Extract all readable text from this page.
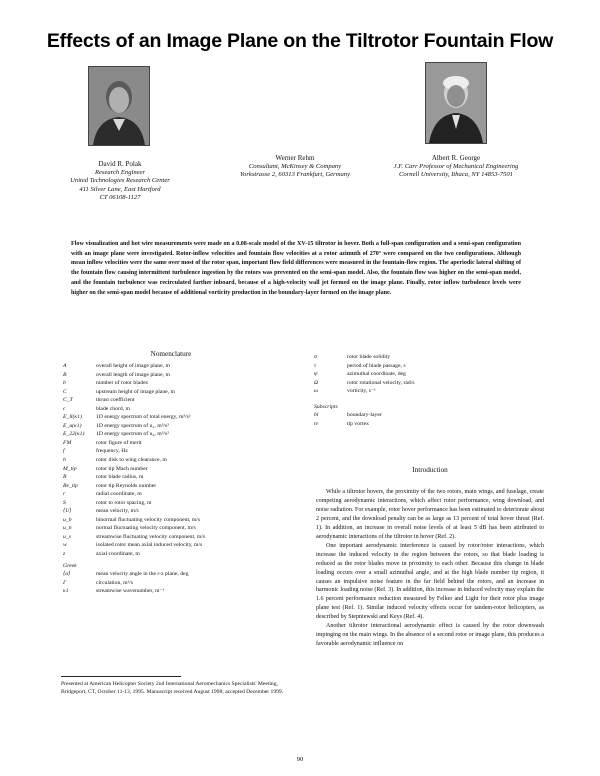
Effects of an Image Plane on the Tiltrotor Fountain Flow
David R. Polak
Research Engineer
United Technologies Research Center
411 Silver Lane, East Hartford
CT 06108-1127
Werner Rehm
Consultant, McKinsey & Company
Yorkstrasse 2, 60313 Frankfurt, Germany
Albert R. George
J.F. Carr Professor of Mechanical Engineering
Cornell University, Ithaca, NY 14853-7501

Flow visualization and hot wire measurements were made on a 0.08-scale model of the XV-15 tiltrotor in hover. Both a full-span configuration and a semi-span configuration with an image plane were investigated. Rotor-inflow velocities and fountain flow velocities at a rotor azimuth of 270° were compared on the two configurations. Although mean inflow velocities were the same over most of the rotor span, important flow field differences were measured in the fountain-flow region. The aperiodic lateral shifting of the fountain flow causing intermittent turbulence ingestion by the rotors was prevented on the semi-span model. Also, the fountain flow was higher on the semi-span model, and the fountain turbulence was recirculated farther inboard, because of a high-velocity wall jet formed on the image plane. Finally, rotor inflow turbulence levels were higher on the semi-span model because of additional vorticity production in the boundary-layer formed on the image plane.

Nomenclature
A	overall height of image plane, m
B	overall length of image plane, m
b	number of rotor blades
C	upstream height of image plane, m
C_T	thrust coefficient
c	blade chord, m
E_ll(κ1)	1D energy spectrum of total energy, m³/s²
E_u(κ1)	1D energy spectrum of u₁, m³/s²
E_22(κ1)	1D energy spectrum of u₂, m³/s²
FM	rotor figure of merit
f	frequency, Hz
h	rotor disk to wing clearance, m
M_tip	rotor tip Mach number
R	rotor blade radius, m
Re_tip	rotor tip Reynolds number
r	radial coordinate, m
S	rotor to rotor spacing, m
⟨U⟩	mean velocity, m/s
u_b	binormal fluctuating velocity component, m/s
u_n	normal fluctuating velocity component, m/s
u_s	streamwise fluctuating velocity component, m/s
w	isolated rotor mean axial induced velocity, m/s
z	axial coordinate, m
Greek
⟨α⟩	mean velocity angle in the r-z plane, deg
Γ	circulation, m²/s
κ1	streamwise wavenumber, m⁻¹
σ	rotor blade solidity
τ	period of blade passage, s
ψ	azimuthal coordinate, deg
Ω	rotor rotational velocity, rad/s
ω	vorticity, s⁻¹
Subscripts
bl	boundary-layer
tv	tip vortex
Introduction

While a tiltrotor hovers, the proximity of the two rotors, main wings, and fuselage, create competing aerodynamic interactions, which affect rotor performance, wing download, and noise radiation. For example, rotor hover performance has been estimated to deteriorate about 2 percent, and the download penalty can be as large as 13 percent of total hover thrust (Ref. 1). In addition, an increase in overall noise levels of at least 5 dB has been attributed to aerodynamic interactions of the tiltrotor in hover (Ref. 2).

One important aerodynamic interference is caused by rotor/rotor interactions, which increase the induced velocity in the region between the rotors, so that blade loading is reduced as the rotor blades move in proximity to each other. Because this change in blade loading occurs over a small azimuthal angle, and at the high blade number tip region, it causes an impulsive noise feature in the far field behind the rotors, and an increase in harmonic loading noise (Ref. 3). In addition, this increase in induced velocity may explain the 1.6 percent performance reduction measured by Felker and Light for their rotor plus image plane test (Ref. 1). Similar induced velocity effects occur for tandem-rotor helicopters, as described by Stepniewski and Keys (Ref. 4).

Another tiltrotor interactional aerodynamic effect is caused by the rotor downwash impinging on the main wings. In the absence of a second rotor or image plane, this produces a favorable aerodynamic influence on

Presented at American Helicopter Society 2nd International Aeromechanics Specialists' Meeting, Bridgeport, CT, October 11-13, 1995. Manuscript received August 1998; accepted December 1999.

90
